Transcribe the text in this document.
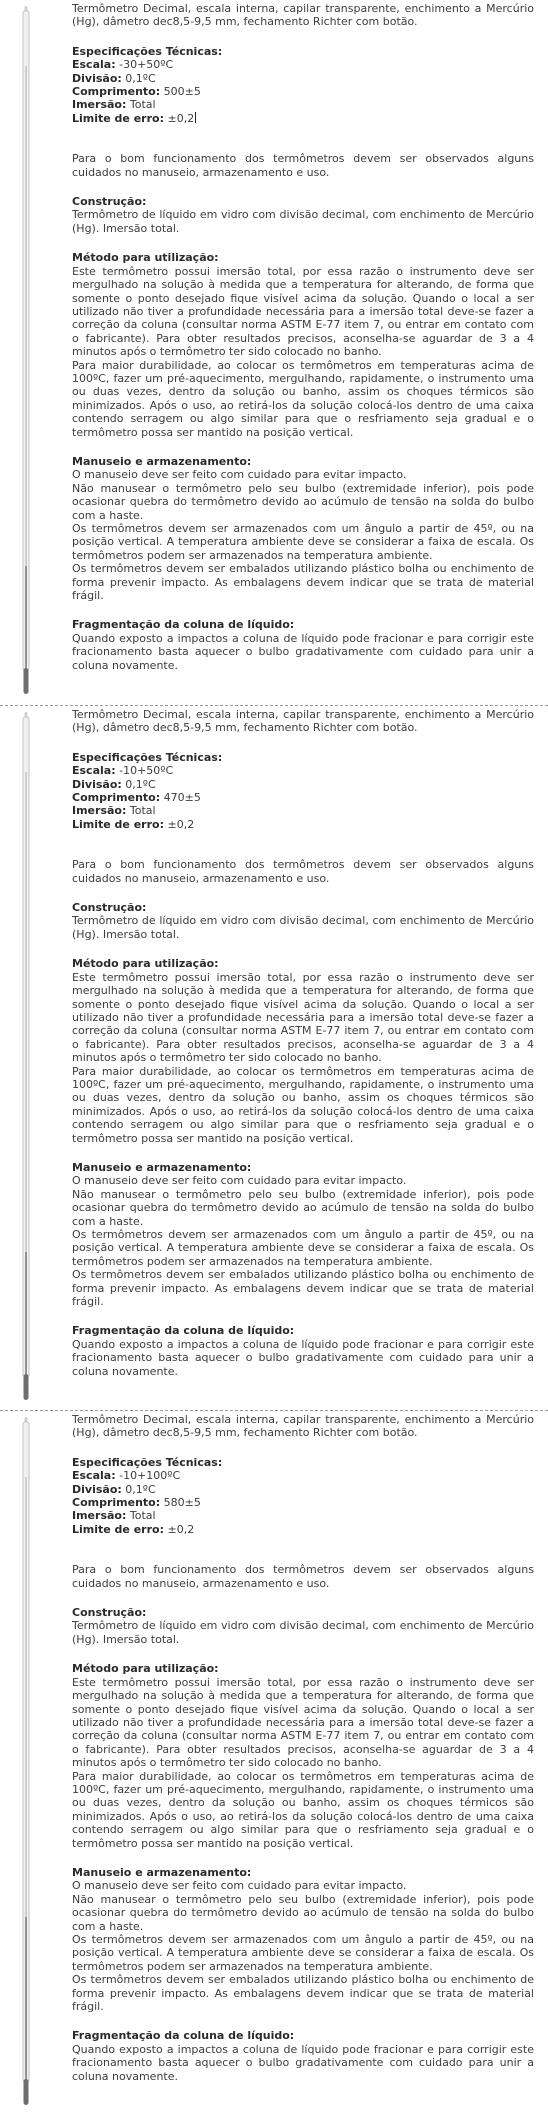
Termômetro Decimal, escala interna, capilar transparente, enchimento a Mercúrio (Hg), dâmetro dec8,5-9,5 mm, fechamento Richter com botão.

Especificações Técnicas:

Escala: -30+50ºC

Divisão: 0,1ºC

Comprimento: 500±5

Imersão: Total

Limite de erro: ±0,2

Para o bom funcionamento dos termômetros devem ser observados alguns cuidados no manuseio, armazenamento e uso.

Construção:

Termômetro de líquido em vidro com divisão decimal, com enchimento de Mercúrio (Hg). Imersão total.

Método para utilização:

Este termômetro possui imersão total, por essa razão o instrumento deve ser mergulhado na solução à medida que a temperatura for alterando, de forma que somente o ponto desejado fique visível acima da solução. Quando o local a ser utilizado não tiver a profundidade necessária para a imersão total deve-se fazer a correção da coluna (consultar norma ASTM E-77 item 7, ou entrar em contato com o fabricante). Para obter resultados precisos, aconselha-se aguardar de 3 a 4 minutos após o termômetro ter sido colocado no banho.

Para maior durabilidade, ao colocar os termômetros em temperaturas acima de 100ºC, fazer um pré-aquecimento, mergulhando, rapidamente, o instrumento uma ou duas vezes, dentro da solução ou banho, assim os choques térmicos são minimizados. Após o uso, ao retirá-los da solução colocá-los dentro de uma caixa contendo serragem ou algo similar para que o resfriamento seja gradual e o termômetro possa ser mantido na posição vertical.

Manuseio e armazenamento:

O manuseio deve ser feito com cuidado para evitar impacto.

Não manusear o termômetro pelo seu bulbo (extremidade inferior), pois pode ocasionar quebra do termômetro devido ao acúmulo de tensão na solda do bulbo com a haste.

Os termômetros devem ser armazenados com um ângulo a partir de 45º, ou na posição vertical. A temperatura ambiente deve se considerar a faixa de escala. Os termômetros podem ser armazenados na temperatura ambiente.

Os termômetros devem ser embalados utilizando plástico bolha ou enchimento de forma prevenir impacto. As embalagens devem indicar que se trata de material frágil.

Fragmentação da coluna de líquido:

Quando exposto a impactos a coluna de líquido pode fracionar e para corrigir este fracionamento basta aquecer o bulbo gradativamente com cuidado para unir a coluna novamente.

Termômetro Decimal, escala interna, capilar transparente, enchimento a Mercúrio (Hg), dâmetro dec8,5-9,5 mm, fechamento Richter com botão.

Especificações Técnicas:

Escala: -10+50ºC

Divisão: 0,1ºC

Comprimento: 470±5

Imersão: Total

Limite de erro: ±0,2

Para o bom funcionamento dos termômetros devem ser observados alguns cuidados no manuseio, armazenamento e uso.

Construção:

Termômetro de líquido em vidro com divisão decimal, com enchimento de Mercúrio (Hg). Imersão total.

Método para utilização:

Este termômetro possui imersão total, por essa razão o instrumento deve ser mergulhado na solução à medida que a temperatura for alterando, de forma que somente o ponto desejado fique visível acima da solução. Quando o local a ser utilizado não tiver a profundidade necessária para a imersão total deve-se fazer a correção da coluna (consultar norma ASTM E-77 item 7, ou entrar em contato com o fabricante). Para obter resultados precisos, aconselha-se aguardar de 3 a 4 minutos após o termômetro ter sido colocado no banho.

Para maior durabilidade, ao colocar os termômetros em temperaturas acima de 100ºC, fazer um pré-aquecimento, mergulhando, rapidamente, o instrumento uma ou duas vezes, dentro da solução ou banho, assim os choques térmicos são minimizados. Após o uso, ao retirá-los da solução colocá-los dentro de uma caixa contendo serragem ou algo similar para que o resfriamento seja gradual e o termômetro possa ser mantido na posição vertical.

Manuseio e armazenamento:

O manuseio deve ser feito com cuidado para evitar impacto.

Não manusear o termômetro pelo seu bulbo (extremidade inferior), pois pode ocasionar quebra do termômetro devido ao acúmulo de tensão na solda do bulbo com a haste.

Os termômetros devem ser armazenados com um ângulo a partir de 45º, ou na posição vertical. A temperatura ambiente deve se considerar a faixa de escala. Os termômetros podem ser armazenados na temperatura ambiente.

Os termômetros devem ser embalados utilizando plástico bolha ou enchimento de forma prevenir impacto. As embalagens devem indicar que se trata de material frágil.

Fragmentação da coluna de líquido:

Quando exposto a impactos a coluna de líquido pode fracionar e para corrigir este fracionamento basta aquecer o bulbo gradativamente com cuidado para unir a coluna novamente.

Termômetro Decimal, escala interna, capilar transparente, enchimento a Mercúrio (Hg), dâmetro dec8,5-9,5 mm, fechamento Richter com botão.

Especificações Técnicas:

Escala: -10+100ºC

Divisão: 0,1ºC

Comprimento: 580±5

Imersão: Total

Limite de erro: ±0,2

Para o bom funcionamento dos termômetros devem ser observados alguns cuidados no manuseio, armazenamento e uso.

Construção:

Termômetro de líquido em vidro com divisão decimal, com enchimento de Mercúrio (Hg). Imersão total.

Método para utilização:

Este termômetro possui imersão total, por essa razão o instrumento deve ser mergulhado na solução à medida que a temperatura for alterando, de forma que somente o ponto desejado fique visível acima da solução. Quando o local a ser utilizado não tiver a profundidade necessária para a imersão total deve-se fazer a correção da coluna (consultar norma ASTM E-77 item 7, ou entrar em contato com o fabricante). Para obter resultados precisos, aconselha-se aguardar de 3 a 4 minutos após o termômetro ter sido colocado no banho.

Para maior durabilidade, ao colocar os termômetros em temperaturas acima de 100ºC, fazer um pré-aquecimento, mergulhando, rapidamente, o instrumento uma ou duas vezes, dentro da solução ou banho, assim os choques térmicos são minimizados. Após o uso, ao retirá-los da solução colocá-los dentro de uma caixa contendo serragem ou algo similar para que o resfriamento seja gradual e o termômetro possa ser mantido na posição vertical.

Manuseio e armazenamento:

O manuseio deve ser feito com cuidado para evitar impacto.

Não manusear o termômetro pelo seu bulbo (extremidade inferior), pois pode ocasionar quebra do termômetro devido ao acúmulo de tensão na solda do bulbo com a haste.

Os termômetros devem ser armazenados com um ângulo a partir de 45º, ou na posição vertical. A temperatura ambiente deve se considerar a faixa de escala. Os termômetros podem ser armazenados na temperatura ambiente.

Os termômetros devem ser embalados utilizando plástico bolha ou enchimento de forma prevenir impacto. As embalagens devem indicar que se trata de material frágil.

Fragmentação da coluna de líquido:

Quando exposto a impactos a coluna de líquido pode fracionar e para corrigir este fracionamento basta aquecer o bulbo gradativamente com cuidado para unir a coluna novamente.
